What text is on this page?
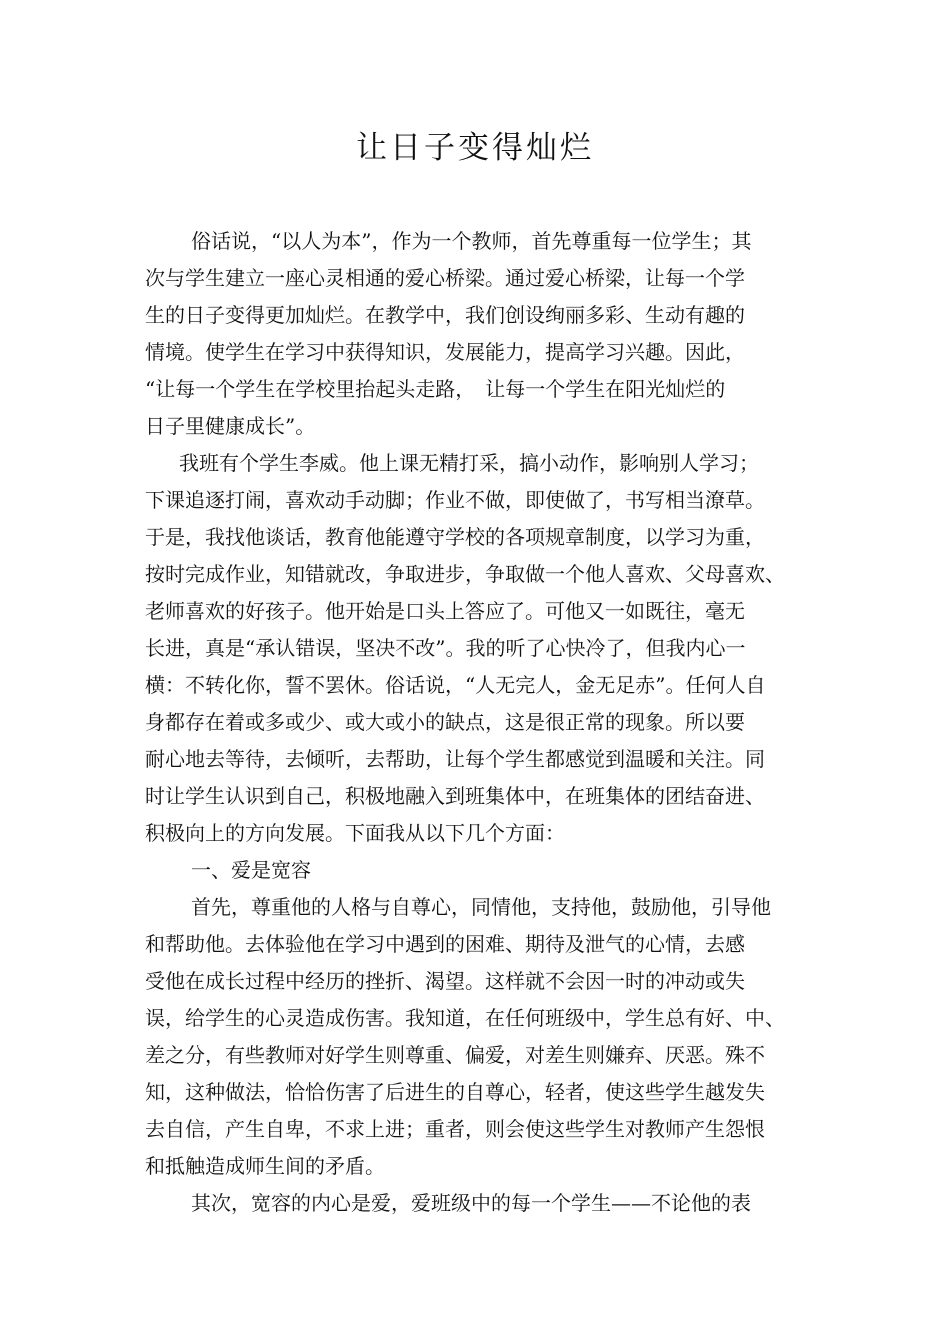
让日子变得灿烂

俗话说，“以人为本”，作为一个教师，首先尊重每一位学生；其

次与学生建立一座心灵相通的爱心桥梁。通过爱心桥梁，让每一个学

生的日子变得更加灿烂。在教学中，我们创设绚丽多彩、生动有趣的

情境。使学生在学习中获得知识，发展能力，提高学习兴趣。因此，

“让每一个学生在学校里抬起头走路，　让每一个学生在阳光灿烂的

日子里健康成长”。

我班有个学生李威。他上课无精打采，搞小动作，影响别人学习；

下课追逐打闹，喜欢动手动脚；作业不做，即使做了，书写相当潦草。

于是，我找他谈话，教育他能遵守学校的各项规章制度，以学习为重，

按时完成作业，知错就改，争取进步，争取做一个他人喜欢、父母喜欢、

老师喜欢的好孩子。他开始是口头上答应了。可他又一如既往，毫无

长进，真是“承认错误，坚决不改”。我的听了心快冷了，但我内心一

横：不转化你，誓不罢休。俗话说，“人无完人，金无足赤”。任何人自

身都存在着或多或少、或大或小的缺点，这是很正常的现象。所以要

耐心地去等待，去倾听，去帮助，让每个学生都感觉到温暖和关注。同

时让学生认识到自己，积极地融入到班集体中，在班集体的团结奋进、

积极向上的方向发展。下面我从以下几个方面：

一、爱是宽容

首先，尊重他的人格与自尊心，同情他，支持他，鼓励他，引导他

和帮助他。去体验他在学习中遇到的困难、期待及泄气的心情，去感

受他在成长过程中经历的挫折、渴望。这样就不会因一时的冲动或失

误，给学生的心灵造成伤害。我知道，在任何班级中，学生总有好、中、

差之分，有些教师对好学生则尊重、偏爱，对差生则嫌弃、厌恶。殊不

知，这种做法，恰恰伤害了后进生的自尊心，轻者，使这些学生越发失

去自信，产生自卑，不求上进；重者，则会使这些学生对教师产生怨恨

和抵触造成师生间的矛盾。

其次，宽容的内心是爱，爱班级中的每一个学生——不论他的表
